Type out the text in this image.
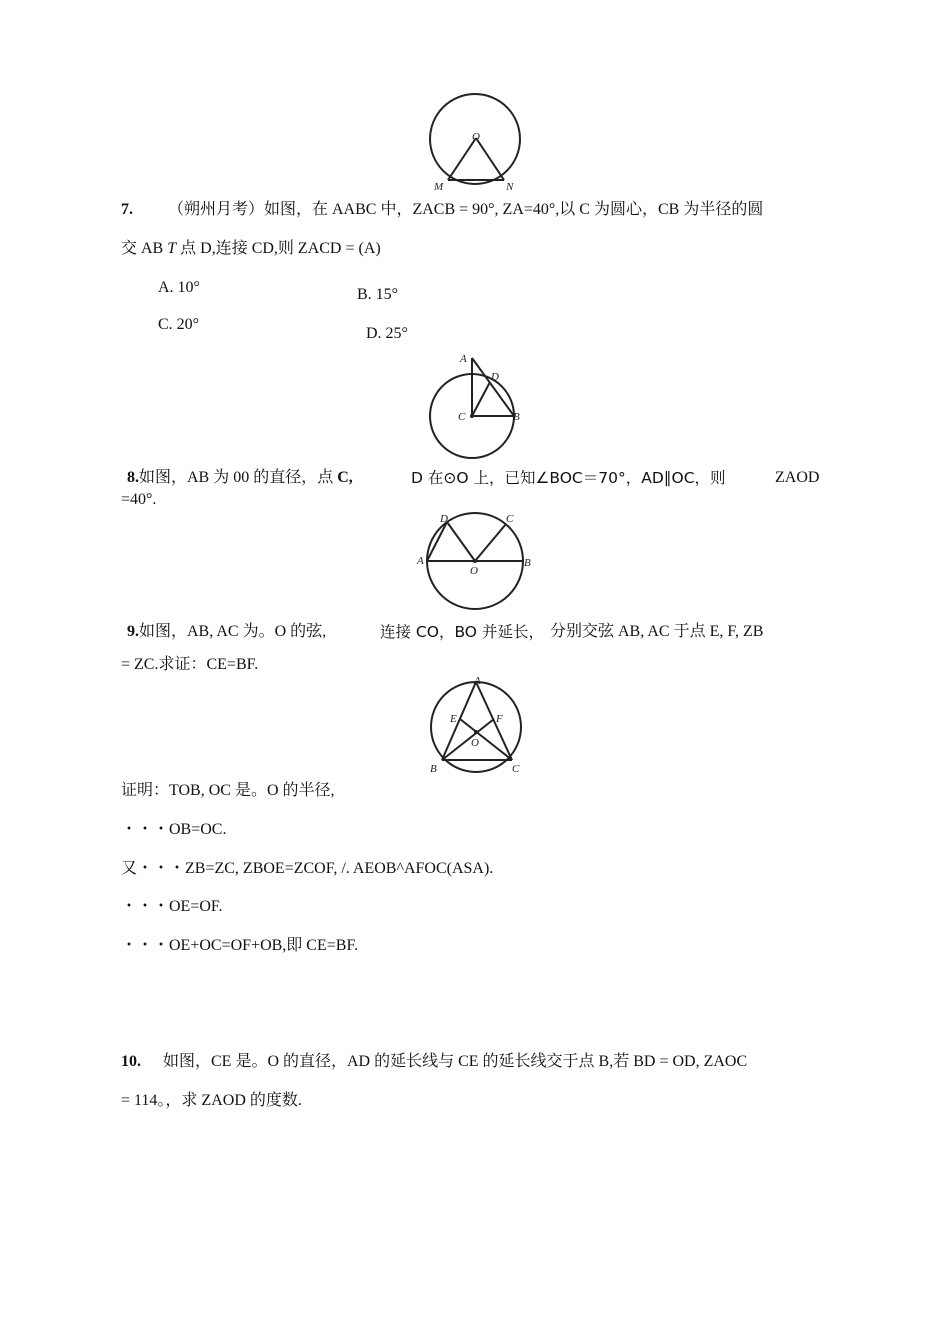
O
M	N
7. （朔州月考）如图，在 AABC 中，ZACB = 90°, ZA=40°,以 C 为圆心，CB 为半径的圆
交 AB T 点 D,连接 CD,则 ZACD = (A)
A. 10°	B. 15°
C. 20°
D. 25°
A
D
C	B
8.如图，AB 为 00 的直径，点 C,	D 在⊙O 上，已知∠BOC＝70°，AD∥OC，则	ZAOD
=40°.
D	C
A
O
B
9.如图，AB, AC 为。O 的弦,	连接 CO，BO 并延长， 分别交弦 AB, AC 于点 E, F, ZB
= ZC.求证：CE=BF.
A
E	F
O
B	C
证明：TOB, OC 是。O 的半径,
・・・OB=OC.
又・・・ZB=ZC, ZBOE=ZCOF, /. AEOB^AFOC(ASA).
・・・OE=OF.
・・・OE+OC=OF+OB,即 CE=BF.
10. 如图，CE 是。O 的直径，AD 的延长线与 CE 的延长线交于点 B,若 BD = OD, ZAOC
= 114。，求 ZAOD 的度数.
